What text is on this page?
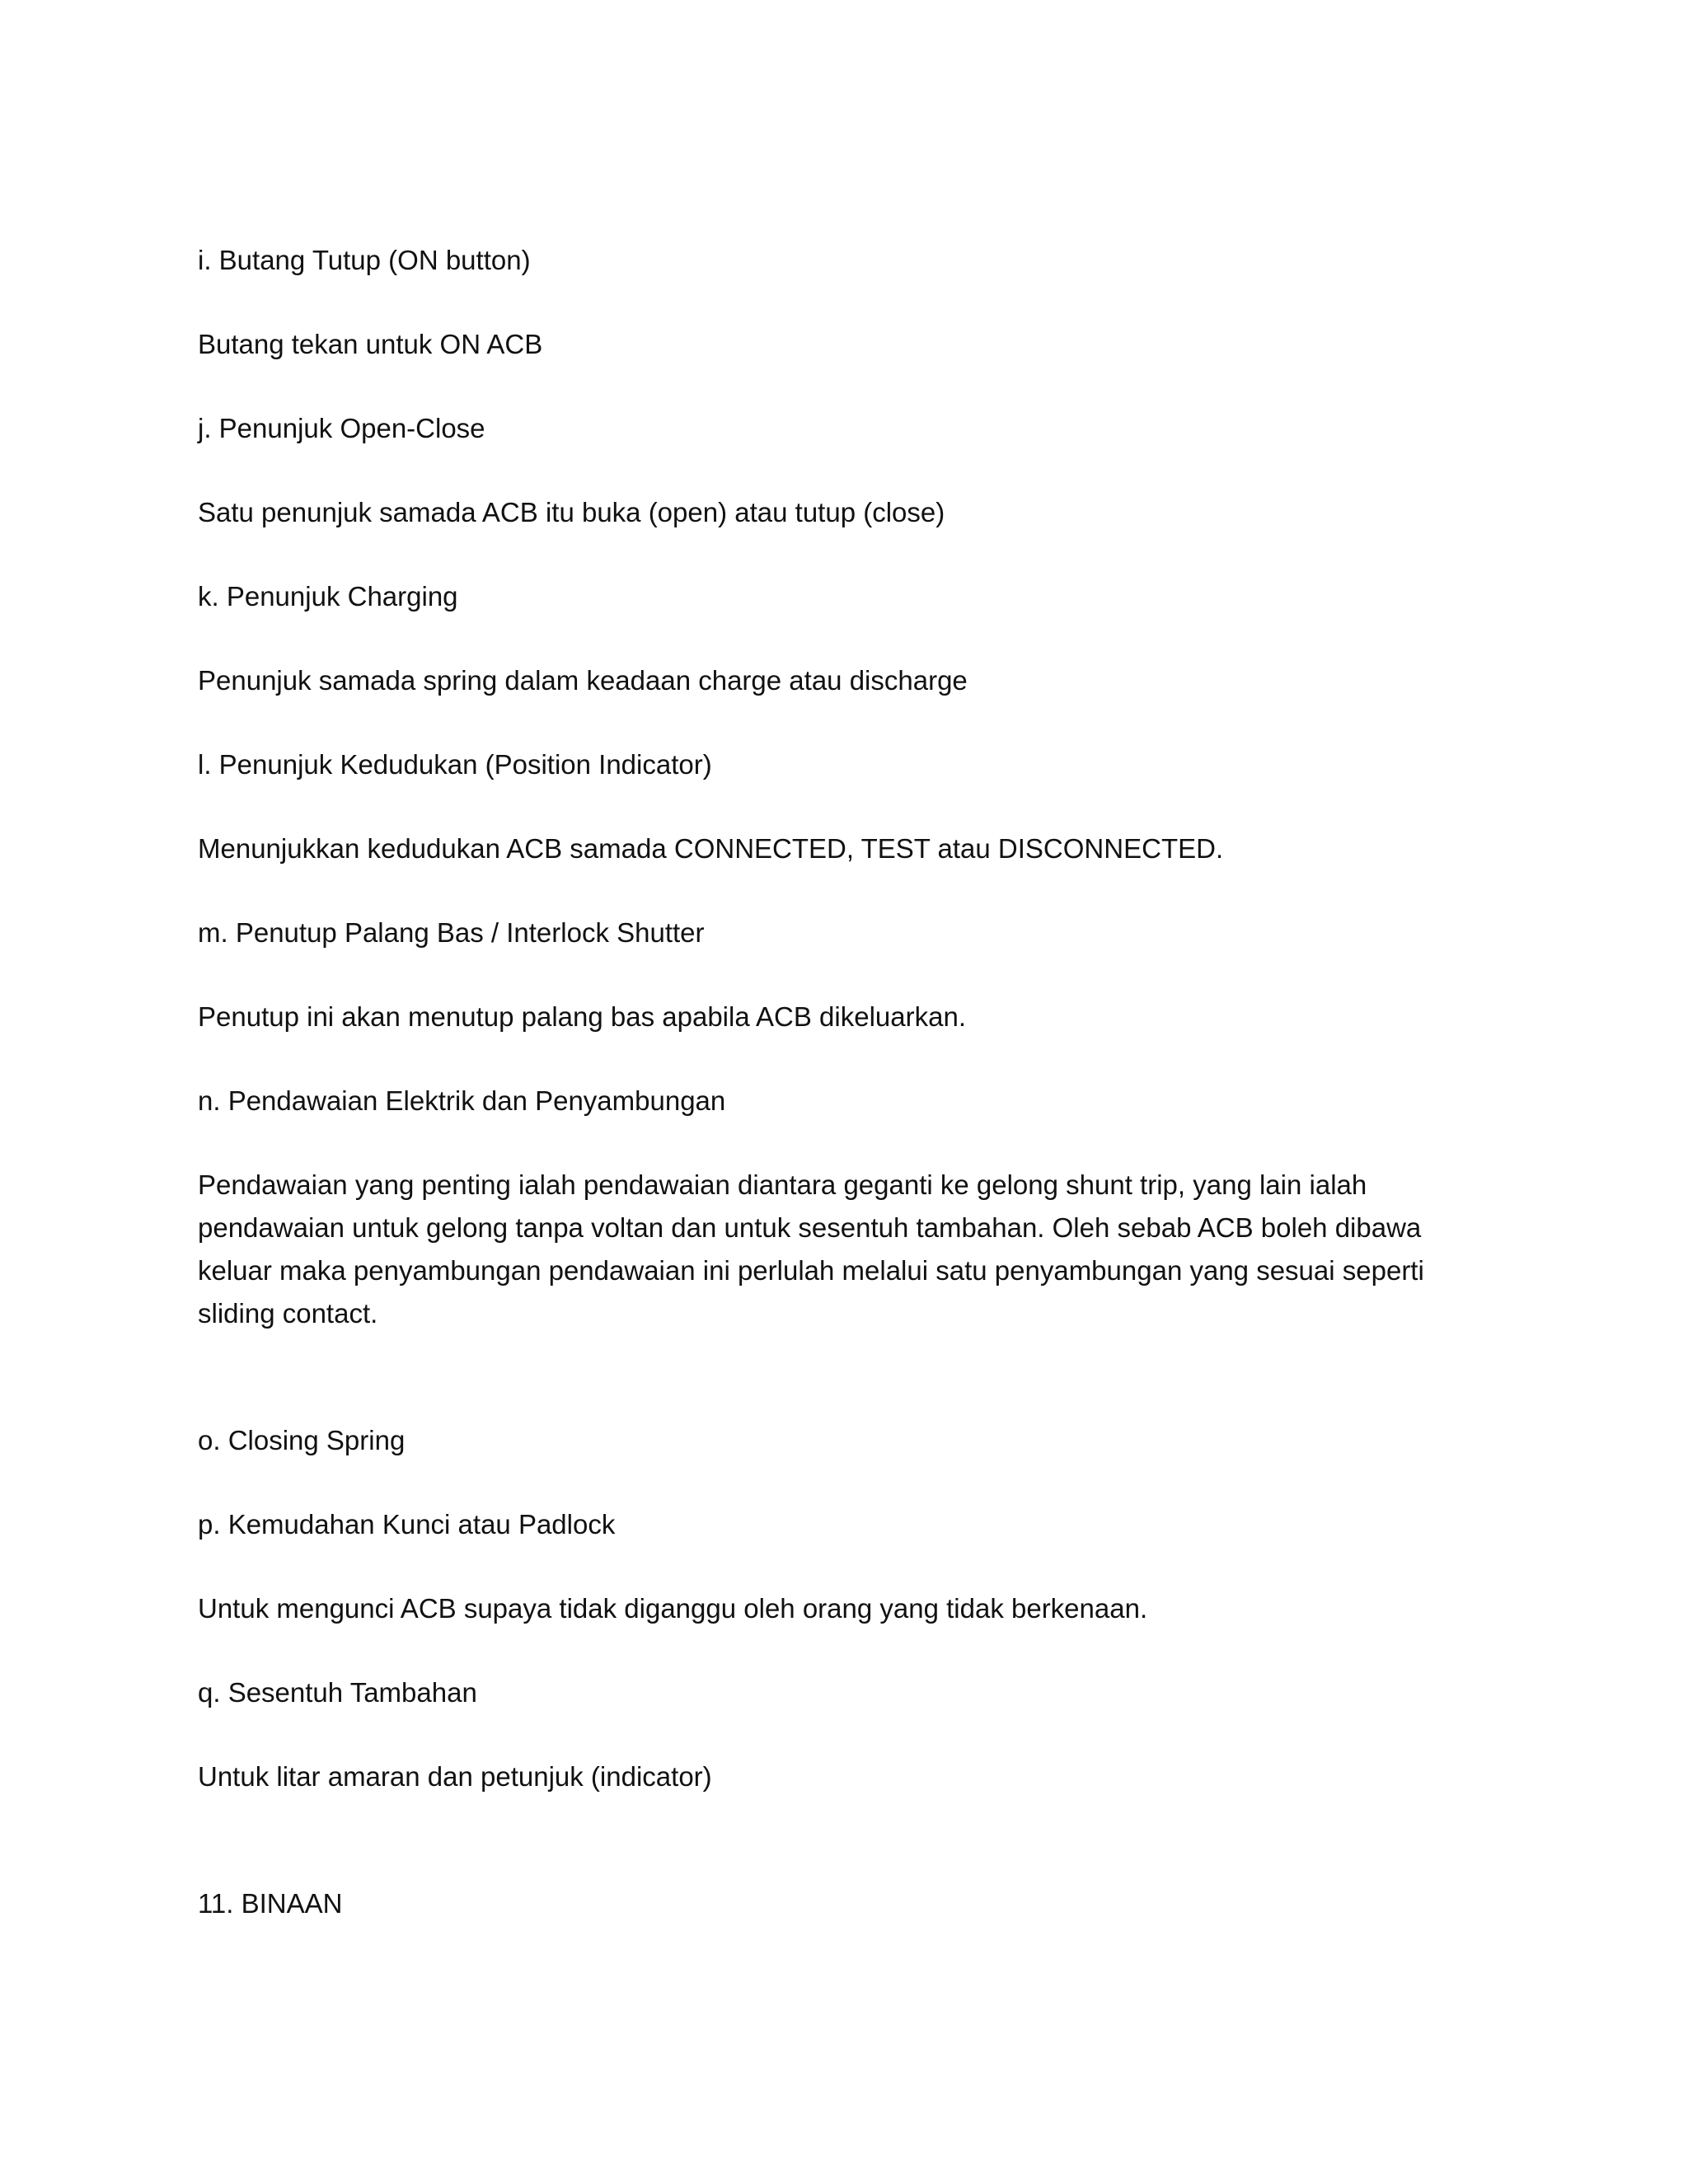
i. Butang Tutup (ON button)

Butang tekan untuk ON ACB

j. Penunjuk Open-Close

Satu penunjuk samada ACB itu buka (open) atau tutup (close)

k. Penunjuk Charging

Penunjuk samada spring dalam keadaan charge atau discharge

l. Penunjuk Kedudukan (Position Indicator)

Menunjukkan kedudukan ACB samada CONNECTED, TEST atau DISCONNECTED.

m. Penutup Palang Bas / Interlock Shutter

Penutup ini akan menutup palang bas apabila ACB dikeluarkan.

n. Pendawaian Elektrik dan Penyambungan

Pendawaian yang penting ialah pendawaian diantara geganti ke gelong shunt trip, yang lain ialah

pendawaian untuk gelong tanpa voltan dan untuk sesentuh tambahan. Oleh sebab ACB boleh dibawa

keluar maka penyambungan pendawaian ini perlulah melalui satu penyambungan yang sesuai seperti

sliding contact.

o. Closing Spring

p. Kemudahan Kunci atau Padlock

Untuk mengunci ACB supaya tidak diganggu oleh orang yang tidak berkenaan.

q. Sesentuh Tambahan

Untuk litar amaran dan petunjuk (indicator)

11. BINAAN
